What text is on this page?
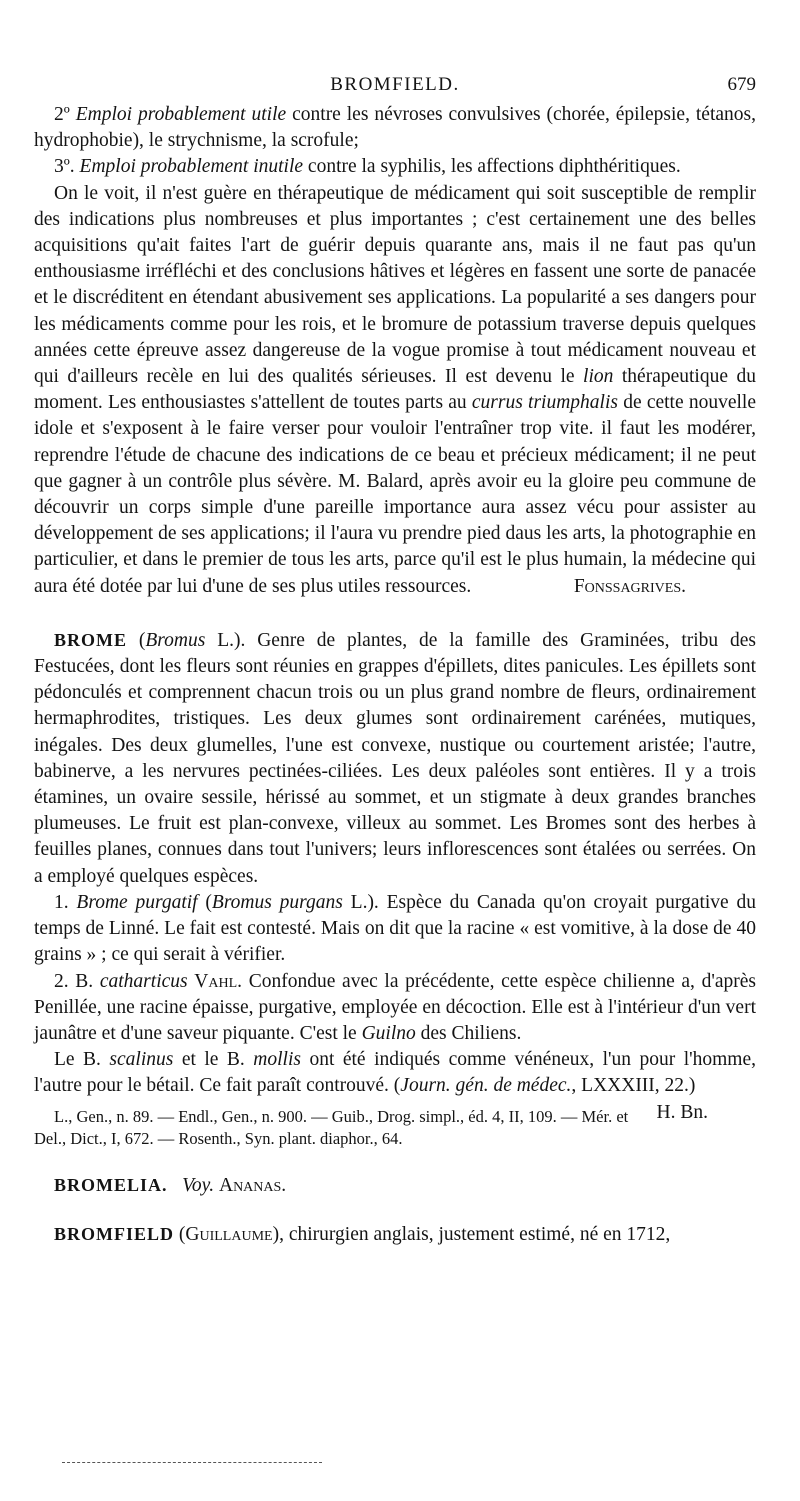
BROMFIELD.	679

2º Emploi probablement utile contre les névroses convulsives (chorée, épilepsie, tétanos, hydrophobie), le strychnisme, la scrofule;

3º. Emploi probablement inutile contre la syphilis, les affections diphthéritiques.

On le voit, il n'est guère en thérapeutique de médicament qui soit susceptible de remplir des indications plus nombreuses et plus importantes ; c'est certainement une des belles acquisitions qu'ait faites l'art de guérir depuis quarante ans, mais il ne faut pas qu'un enthousiasme irréfléchi et des conclusions hâtives et légères en fassent une sorte de panacée et le discréditent en étendant abusivement ses applications. La popularité a ses dangers pour les médicaments comme pour les rois, et le bromure de potassium traverse depuis quelques années cette épreuve assez dangereuse de la vogue promise à tout médicament nouveau et qui d'ailleurs recèle en lui des qualités sérieuses. Il est devenu le lion thérapeutique du moment. Les enthousiastes s'attellent de toutes parts au currus triumphalis de cette nouvelle idole et s'exposent à le faire verser pour vouloir l'entraîner trop vite. il faut les modérer, reprendre l'étude de chacune des indications de ce beau et précieux médicament; il ne peut que gagner à un contrôle plus sévère. M. Balard, après avoir eu la gloire peu commune de découvrir un corps simple d'une pareille importance aura assez vécu pour assister au développement de ses applications; il l'aura vu prendre pied daus les arts, la photographie en particulier, et dans le premier de tous les arts, parce qu'il est le plus humain, la médecine qui aura été dotée par lui d'une de ses plus utiles ressources.	Fonssagrives.

BROME (Bromus L.). Genre de plantes, de la famille des Graminées, tribu des Festucées, dont les fleurs sont réunies en grappes d'épillets, dites panicules. Les épillets sont pédonculés et comprennent chacun trois ou un plus grand nombre de fleurs, ordinairement hermaphrodites, tristiques. Les deux glumes sont ordinairement carénées, mutiques, inégales. Des deux glumelles, l'une est convexe, nustique ou courtement aristée; l'autre, babinerve, a les nervures pectinées-ciliées. Les deux paléoles sont entières. Il y a trois étamines, un ovaire sessile, hérissé au sommet, et un stigmate à deux grandes branches plumeuses. Le fruit est plan-convexe, villeux au sommet. Les Bromes sont des herbes à feuilles planes, connues dans tout l'univers; leurs inflorescences sont étalées ou serrées. On a employé quelques espèces.

1. Brome purgatif (Bromus purgans L.). Espèce du Canada qu'on croyait purgative du temps de Linné. Le fait est contesté. Mais on dit que la racine « est vomitive, à la dose de 40 grains » ; ce qui serait à vérifier.

2. B. catharticus Vahl. Confondue avec la précédente, cette espèce chilienne a, d'après Penillée, une racine épaisse, purgative, employée en décoction. Elle est à l'intérieur d'un vert jaunâtre et d'une saveur piquante. C'est le Guilno des Chiliens.

Le B. scalinus et le B. mollis ont été indiqués comme vénéneux, l'un pour l'homme, l'autre pour le bétail. Ce fait paraît controuvé. (Journ. gén. de médec., LXXXIII, 22.)
H. Bn.

L., Gen., n. 89. — Endl., Gen., n. 900. — Guib., Drog. simpl., éd. 4, II, 109. — Mér. et

Del., Dict., I, 672. — Rosenth., Syn. plant. diaphor., 64.

BROMELIA. Voy. Ananas.

BROMFIELD (Guillaume), chirurgien anglais, justement estimé, né en 1712,
